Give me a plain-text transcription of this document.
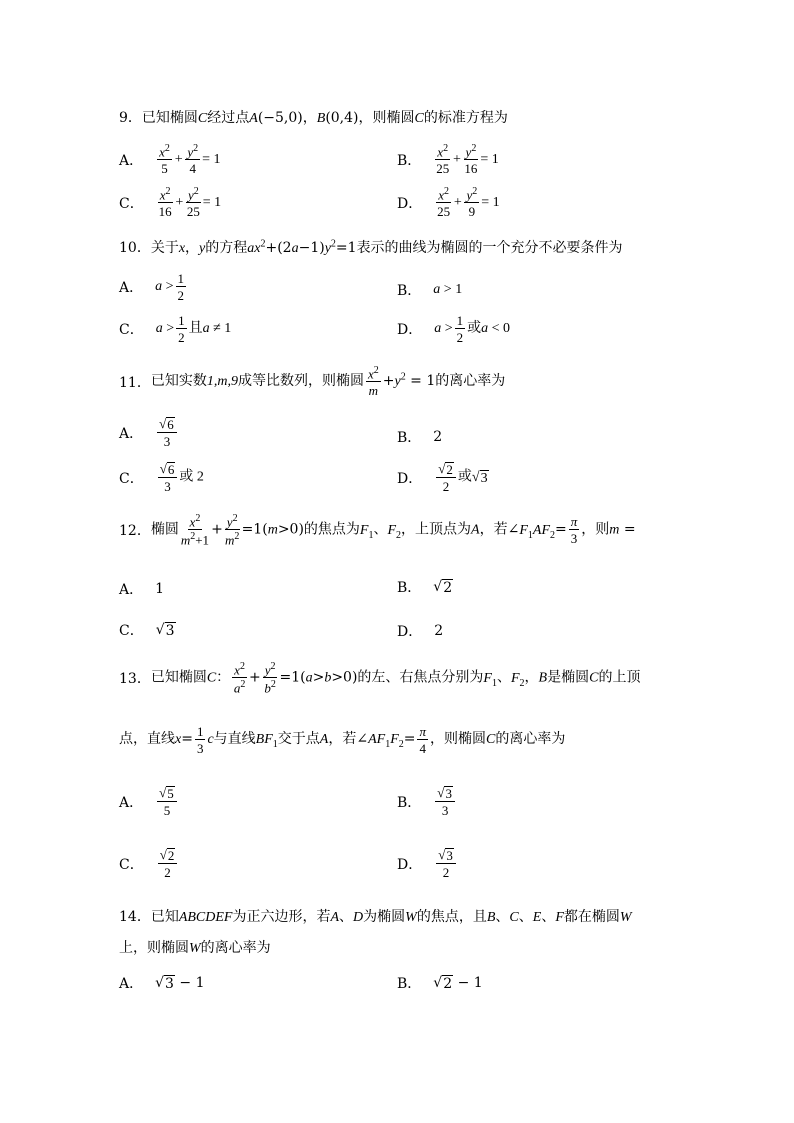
9．已知椭圆C经过点A(−5,0)，B(0,4)，则椭圆C的标准方程为
A． $\frac{x^2}{5} + \frac{y^2}{4} = 1$	B． $\frac{x^2}{25} + \frac{y^2}{16} = 1$
C． $\frac{x^2}{16} + \frac{y^2}{25} = 1$	D． $\frac{x^2}{25} + \frac{y^2}{9} = 1$
10．关于x，y的方程$ax^2+(2a-1)y^2=1$表示的曲线为椭圆的一个充分不必要条件为
A． $a > \frac{1}{2}$	B． a > 1
C． $a > \frac{1}{2}$ 且a ≠ 1	D． $a > \frac{1}{2}$ 或a < 0
11． 已知实数1,m,9成等比数列，则椭圆 $\frac{x^2}{m} +y^2 = 1$的离心率为
A． $\frac{√ 6}{3}$	B． 2
C． $\frac{√ 6}{3}$ 或 2	D． $\frac{√ 2}{2}$ 或 √ 3
12． 椭圆 $\frac{x^2}{m^2+1} + \frac{y^2}{m^2} =1(m>0)$的焦点为$F_1$、$F_2$，上顶点为A，若$\angle F_1AF_2= \frac{\pi}{3}$ ，则m =
A． 1	B． √ 2
C． √ 3	D． 2
13． 已知椭圆C： $\frac{x^2}{a^2} + \frac{y^2}{b^2} =1(a>b>0)$的左、右焦点分别为$F_1$、$F_2$，B是椭圆C的上顶
点，直线$x= \frac{1}{3}$ c与直线$BF_1$交于点A，若$\angle AF_1F_2= \frac{\pi}{4}$ ，则椭圆C的离心率为
A． $\frac{√ 5}{5}$	B． $\frac{√ 3}{3}$
C． $\frac{√ 2}{2}$	D． $\frac{√ 3}{2}$
14．已知ABCDEF为正六边形，若A、D为椭圆W的焦点，且B、C、E、F都在椭圆W
上，则椭圆W的离心率为
A． √ 3 − 1	B． √ 2 − 1
